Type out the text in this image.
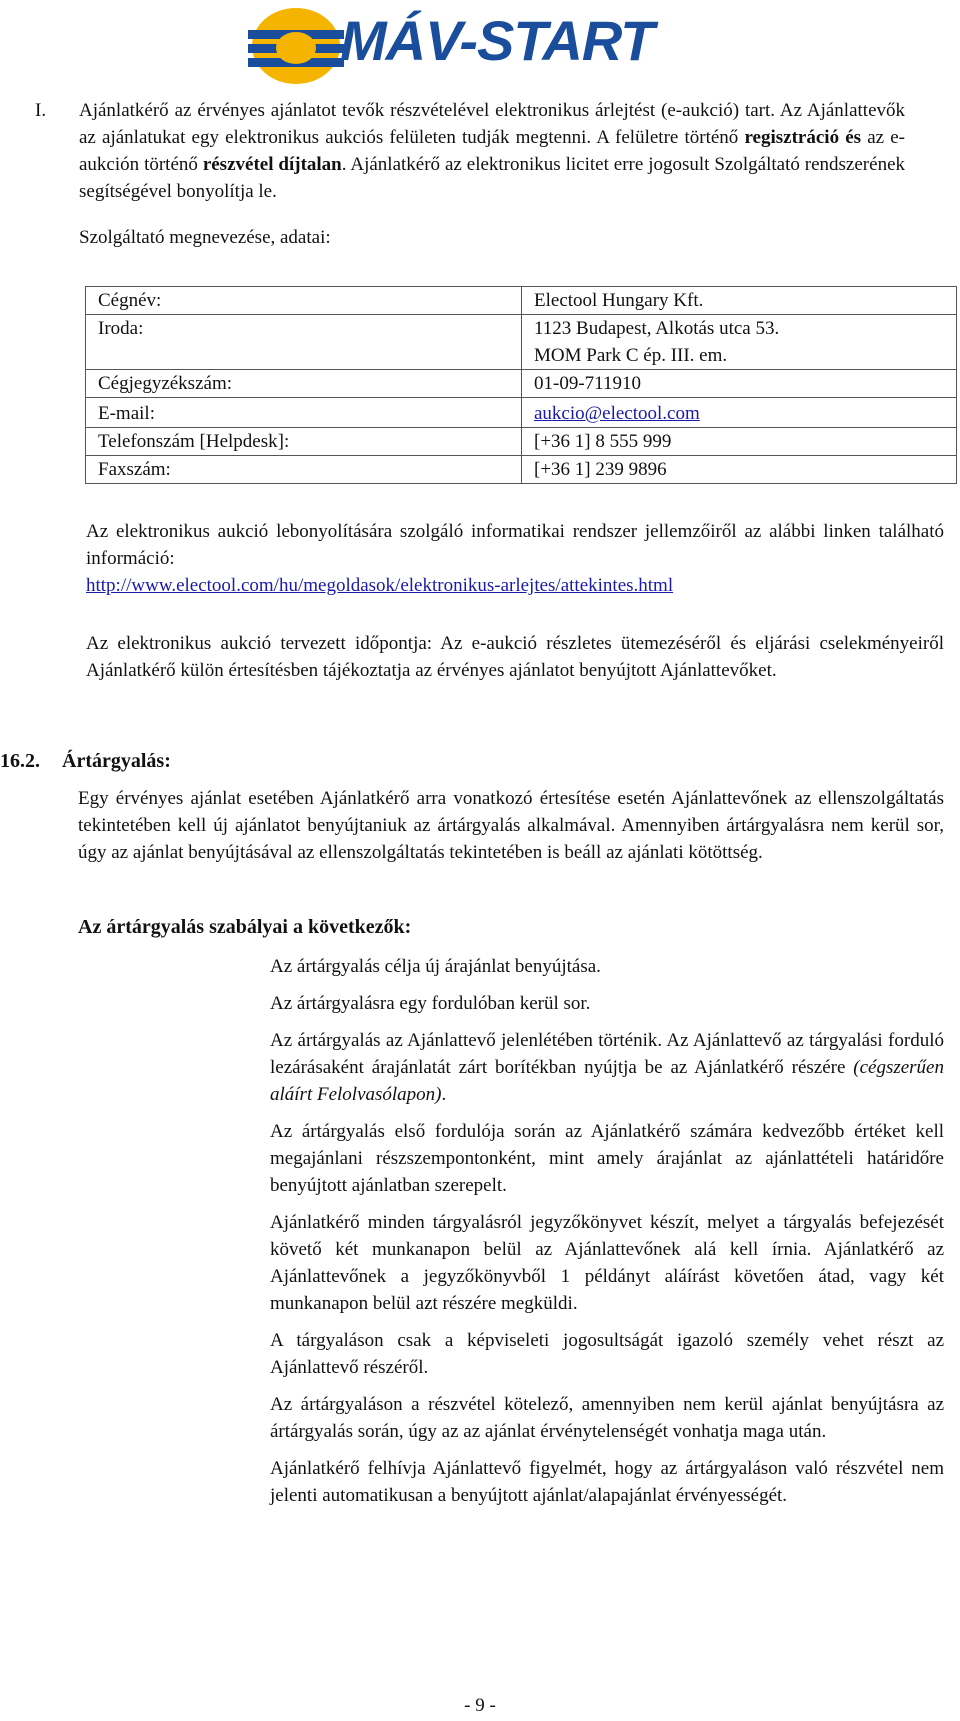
MÁV-START
I. Ajánlatkérő az érvényes ajánlatot tevők részvételével elektronikus árlejtést (e-aukció) tart. Az Ajánlattevők az ajánlatukat egy elektronikus aukciós felületen tudják megtenni. A felületre történő regisztráció és az e-aukción történő részvétel díjtalan. Ajánlatkérő az elektronikus licitet erre jogosult Szolgáltató rendszerének segítségével bonyolítja le.
Szolgáltató megnevezése, adatai:
Cégnév:	Electool Hungary Kft.
Iroda:	1123 Budapest, Alkotás utca 53.
	MOM Park C ép. III. em.
Cégjegyzékszám:	01-09-711910
E-mail:	aukcio@electool.com
Telefonszám [Helpdesk]:	[+36 1] 8 555 999
Faxszám:	[+36 1] 239 9896

Az elektronikus aukció lebonyolítására szolgáló informatikai rendszer jellemzőiről az alábbi linken található információ:

http://www.electool.com/hu/megoldasok/elektronikus-arlejtes/attekintes.html

Az elektronikus aukció tervezett időpontja: Az e-aukció részletes ütemezéséről és eljárási cselekményeiről Ajánlatkérő külön értesítésben tájékoztatja az érvényes ajánlatot benyújtott Ajánlattevőket.

16.2. Ártárgyalás:
Egy érvényes ajánlat esetében Ajánlatkérő arra vonatkozó értesítése esetén Ajánlattevőnek az ellenszolgáltatás tekintetében kell új ajánlatot benyújtaniuk az ártárgyalás alkalmával. Amennyiben ártárgyalásra nem kerül sor, úgy az ajánlat benyújtásával az ellenszolgáltatás tekintetében is beáll az ajánlati kötöttség.
Az ártárgyalás szabályai a következők:

Az ártárgyalás célja új árajánlat benyújtása.

Az ártárgyalásra egy fordulóban kerül sor.

Az ártárgyalás az Ajánlattevő jelenlétében történik. Az Ajánlattevő az tárgyalási forduló lezárásaként árajánlatát zárt borítékban nyújtja be az Ajánlatkérő részére (cégszerűen aláírt Felolvasólapon).

Az ártárgyalás első fordulója során az Ajánlatkérő számára kedvezőbb értéket kell megajánlani részszempontonként, mint amely árajánlat az ajánlattételi határidőre benyújtott ajánlatban szerepelt.

Ajánlatkérő minden tárgyalásról jegyzőkönyvet készít, melyet a tárgyalás befejezését követő két munkanapon belül az Ajánlattevőnek alá kell írnia. Ajánlatkérő az Ajánlattevőnek a jegyzőkönyvből 1 példányt aláírást követően átad, vagy két munkanapon belül azt részére megküldi.

A tárgyaláson csak a képviseleti jogosultságát igazoló személy vehet részt az Ajánlattevő részéről.

Az ártárgyaláson a részvétel kötelező, amennyiben nem kerül ajánlat benyújtásra az ártárgyalás során, úgy az az ajánlat érvénytelenségét vonhatja maga után.

Ajánlatkérő felhívja Ajánlattevő figyelmét, hogy az ártárgyaláson való részvétel nem jelenti automatikusan a benyújtott ajánlat/alapajánlat érvényességét.

- 9 -
